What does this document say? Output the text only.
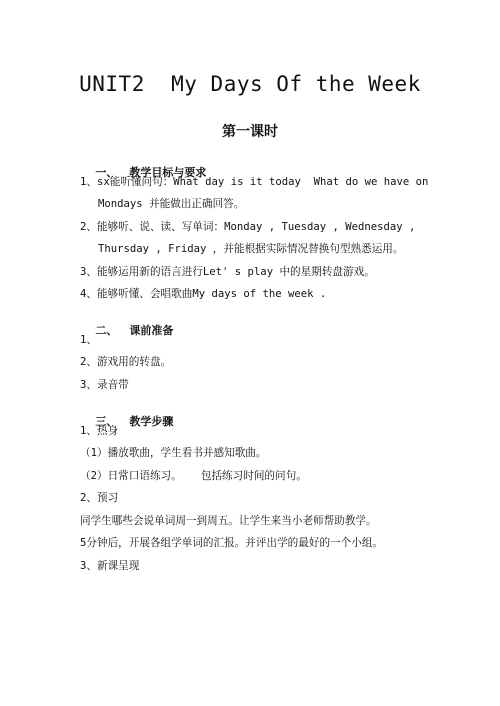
UNIT2  My Days Of the Week
第一课时

一、 教学目标与要求

1、sx能听懂问句：What day is it today  What do we have on
Mondays 并能做出正确回答。
2、能够听、说、读、写单词：Monday , Tuesday , Wednesday ,
Thursday , Friday ，并能根据实际情况替换句型熟悉运用。
3、能够运用新的语言进行Let' s play 中的星期转盘游戏。
4、能够听懂、会唱歌曲My days of the week .

二、 课前准备

1、
2、游戏用的转盘。
3、录音带

三、 教学步骤

1、热身
（1）播放歌曲，学生看书并感知歌曲。
（2）日常口语练习。   包括练习时间的问句。
2、预习
同学生哪些会说单词周一到周五。让学生来当小老师帮助教学。
5分钟后，开展各组学单词的汇报。并评出学的最好的一个小组。
3、新课呈现
